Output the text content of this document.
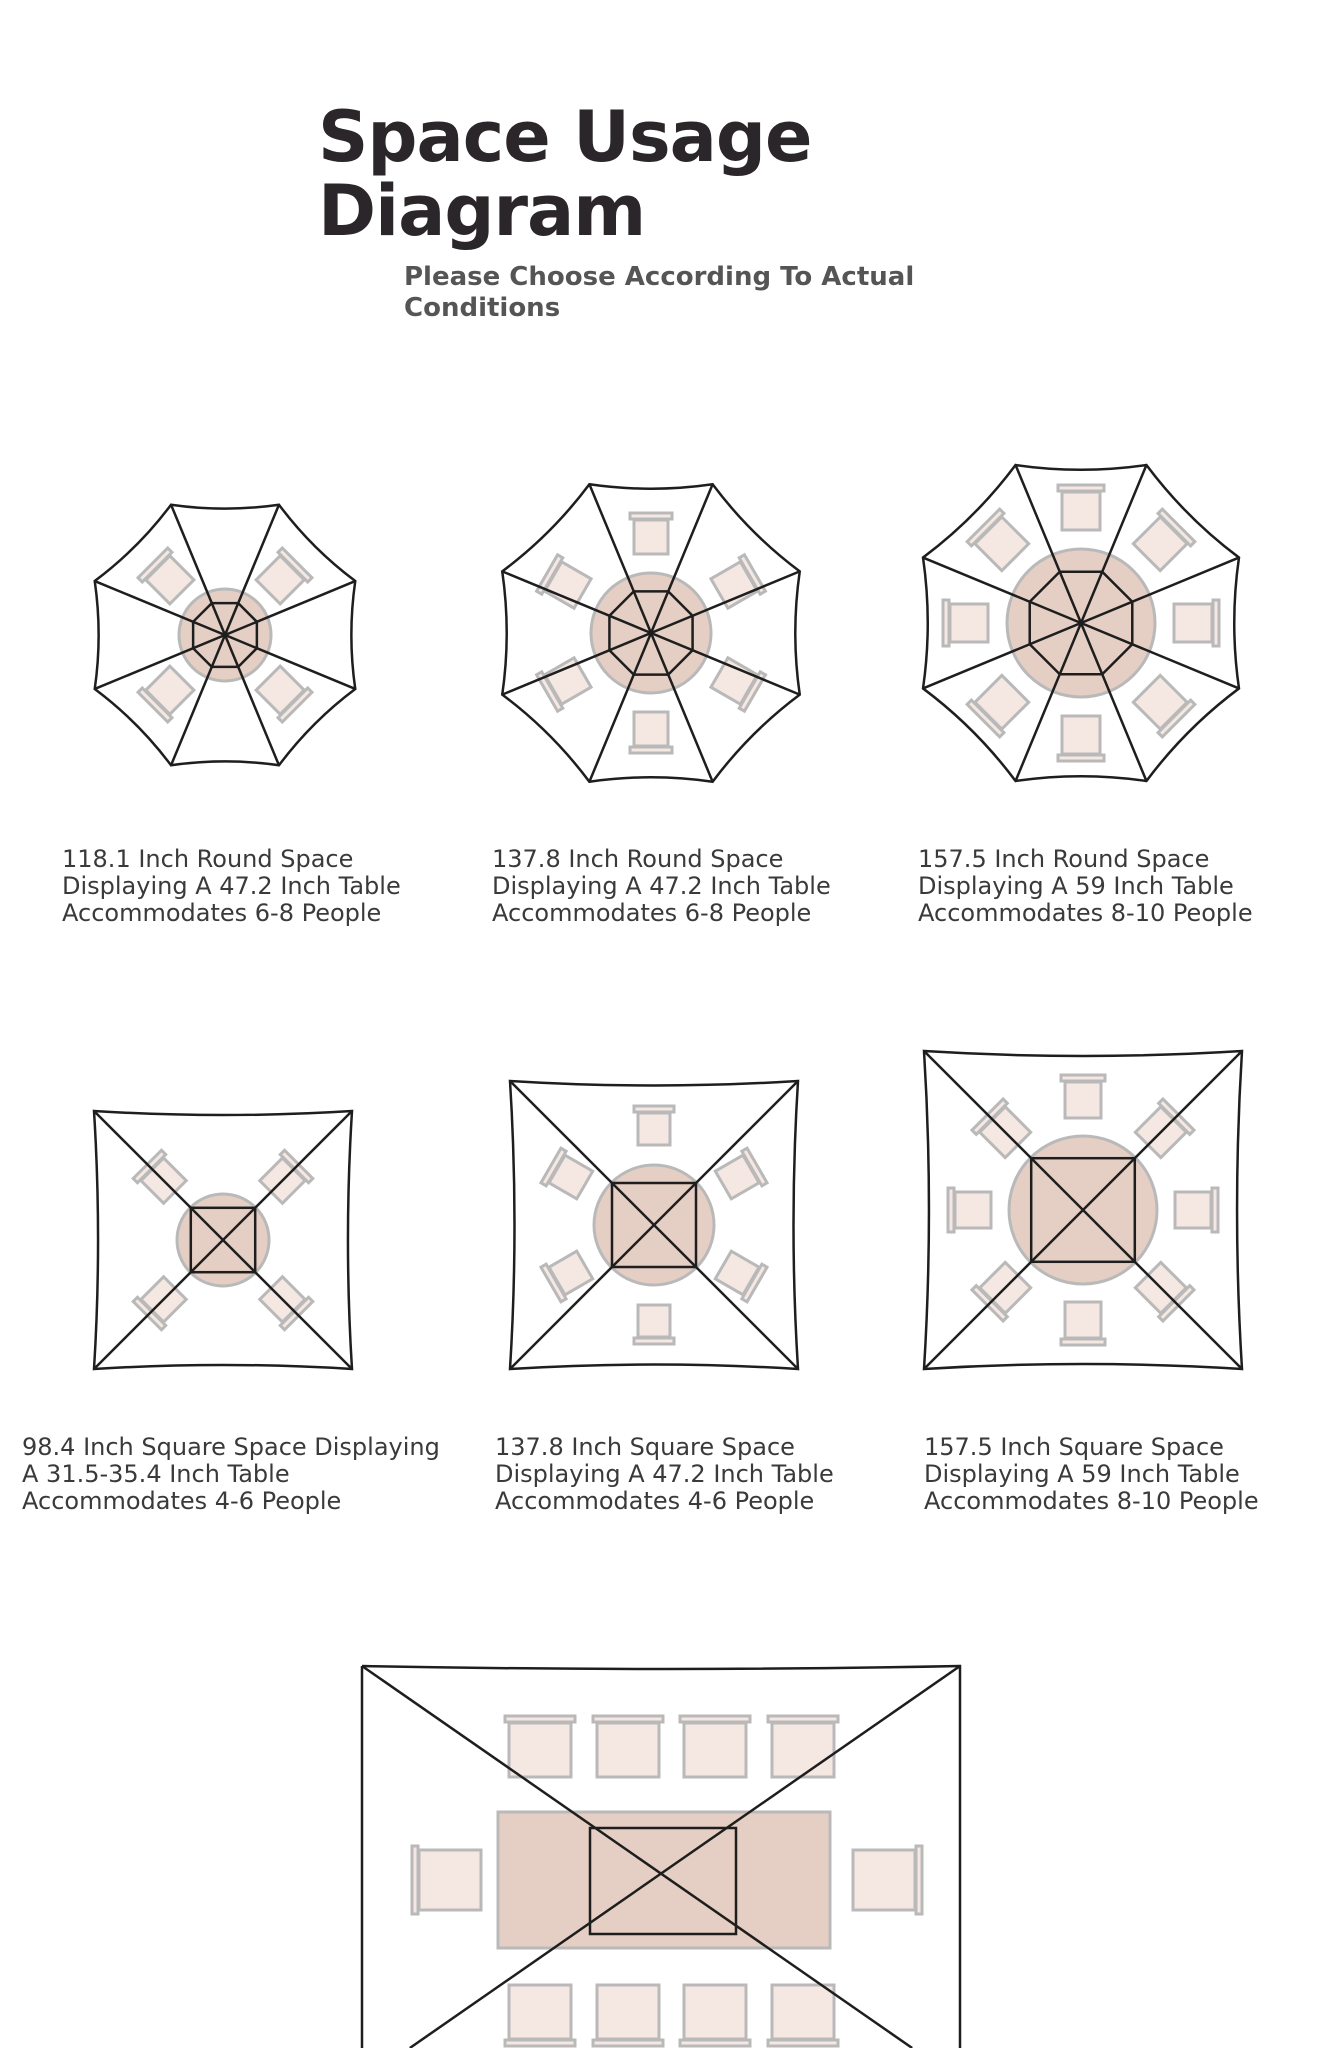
Space Usage Diagram
Please Choose According To Actual Conditions
118.1 Inch Round Space
Displaying A 47.2 Inch Table
Accommodates 6-8 People
137.8 Inch Round Space
Displaying A 47.2 Inch Table
Accommodates 6-8 People
157.5 Inch Round Space
Displaying A 59 Inch Table
Accommodates 8-10 People
98.4 Inch Square Space Displaying
A 31.5-35.4 Inch Table
Accommodates 4-6 People
137.8 Inch Square Space
Displaying A 47.2 Inch Table
Accommodates 4-6 People
157.5 Inch Square Space
Displaying A 59 Inch Table
Accommodates 8-10 People
